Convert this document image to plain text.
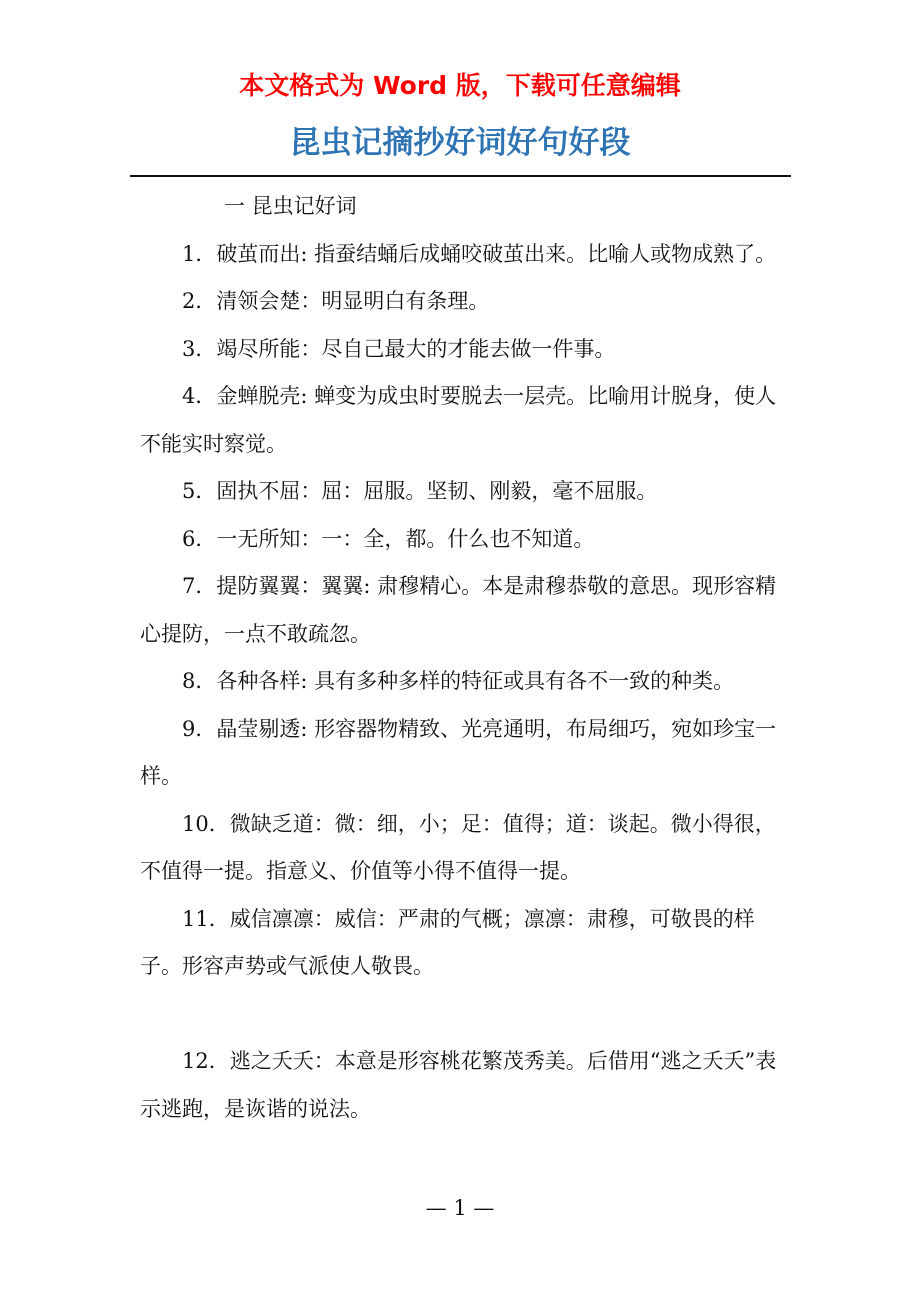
本文格式为 Word 版，下载可任意编辑
昆虫记摘抄好词好句好段
一 昆虫记好词

1．破茧而出: 指蚕结蛹后成蛹咬破茧出来。比喻人或物成熟了。

2．清领会楚：明显明白有条理。

3．竭尽所能：尽自己最大的才能去做一件事。

4．金蝉脱壳: 蝉变为成虫时要脱去一层壳。比喻用计脱身，使人不能实时察觉。

5．固执不屈：屈：屈服。坚韧、刚毅，毫不屈服。

6．一无所知：一：全，都。什么也不知道。

7．提防翼翼：翼翼: 肃穆精心。本是肃穆恭敬的意思。现形容精心提防，一点不敢疏忽。

8．各种各样: 具有多种多样的特征或具有各不一致的种类。

9．晶莹剔透: 形容器物精致、光亮通明，布局细巧，宛如珍宝一样。

10．微缺乏道：微：细，小；足：值得；道：谈起。微小得很，不值得一提。指意义、价值等小得不值得一提。

11．威信凛凛：威信：严肃的气概；凛凛：肃穆，可敬畏的样子。形容声势或气派使人敬畏。

12．逃之夭夭：本意是形容桃花繁茂秀美。后借用“逃之夭夭”表示逃跑，是诙谐的说法。

— 1 —
